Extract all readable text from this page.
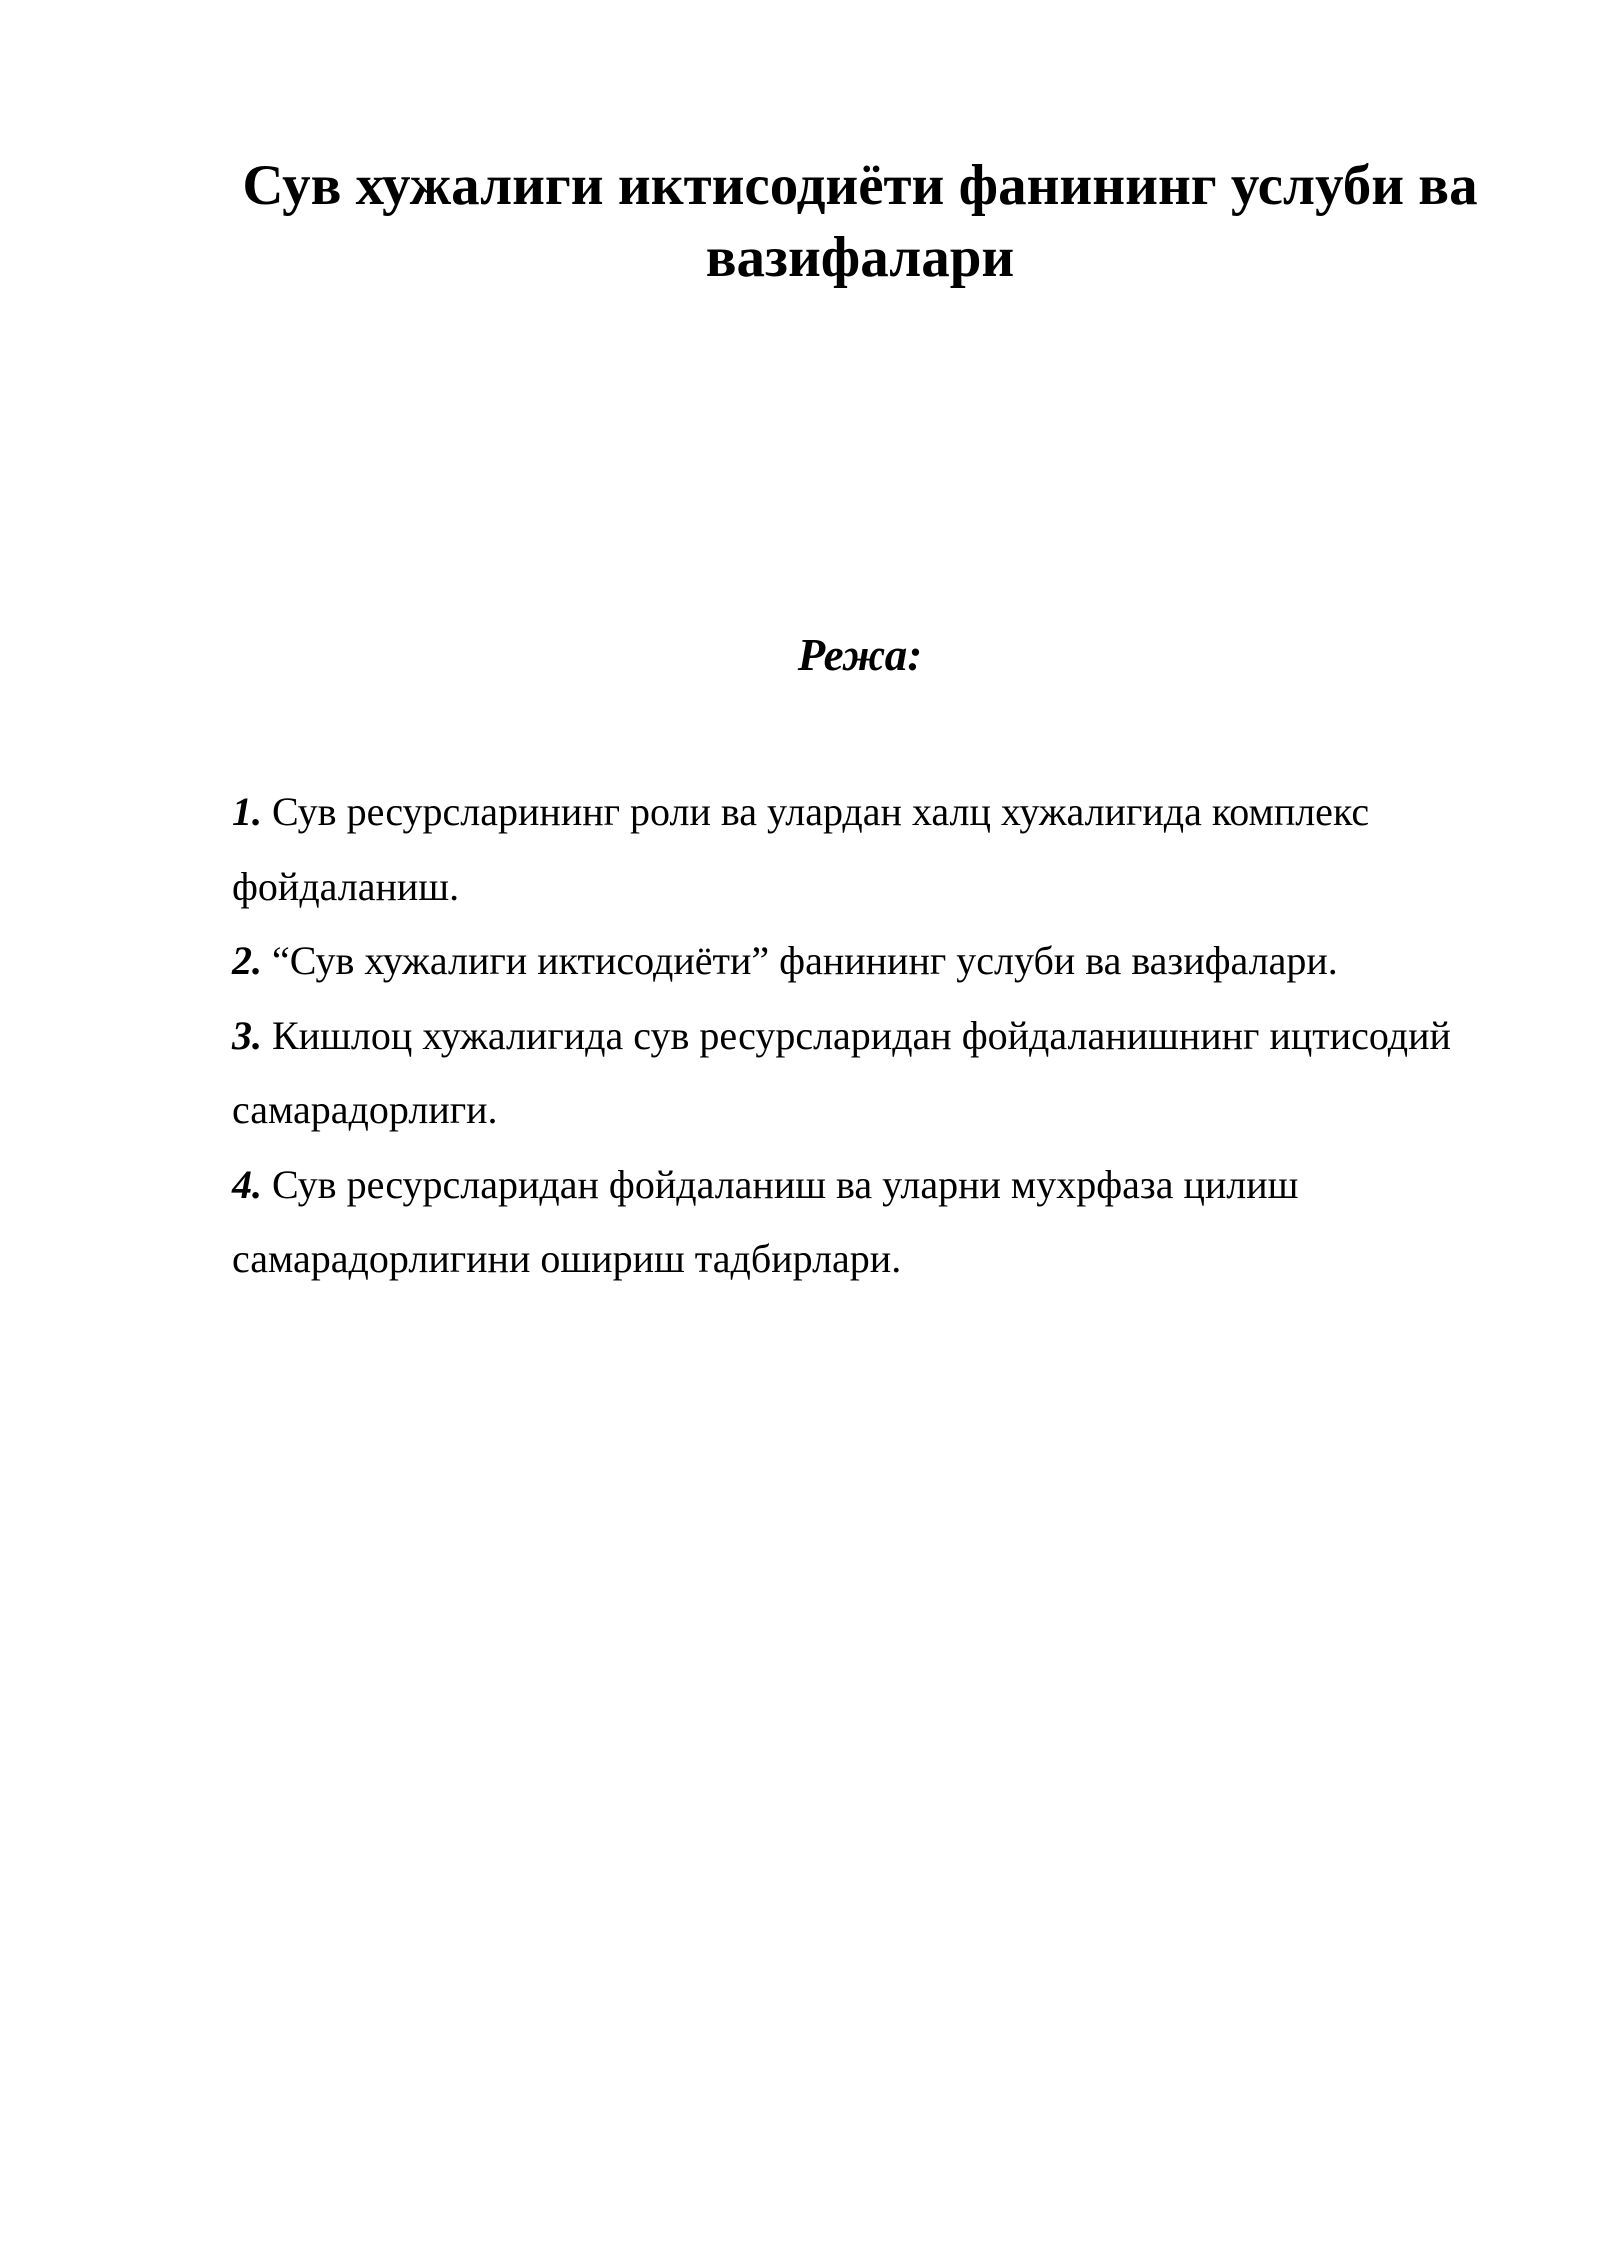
Сув хужалиги иктисодиёти фанининг услуби ва вазифалари
Режа:
1. Сув ресурсларининг роли ва улардан халц хужалигида комплекс фойдаланиш.
2. “Сув хужалиги иктисодиёти” фанининг услуби ва вазифалари.
3. Кишлоц хужалигида сув ресурсларидан фойдаланишнинг ицтисодий самарадорлиги.
4. Сув ресурсларидан фойдаланиш ва уларни мухрфаза цилиш самарадорлигини ошириш тадбирлари.
